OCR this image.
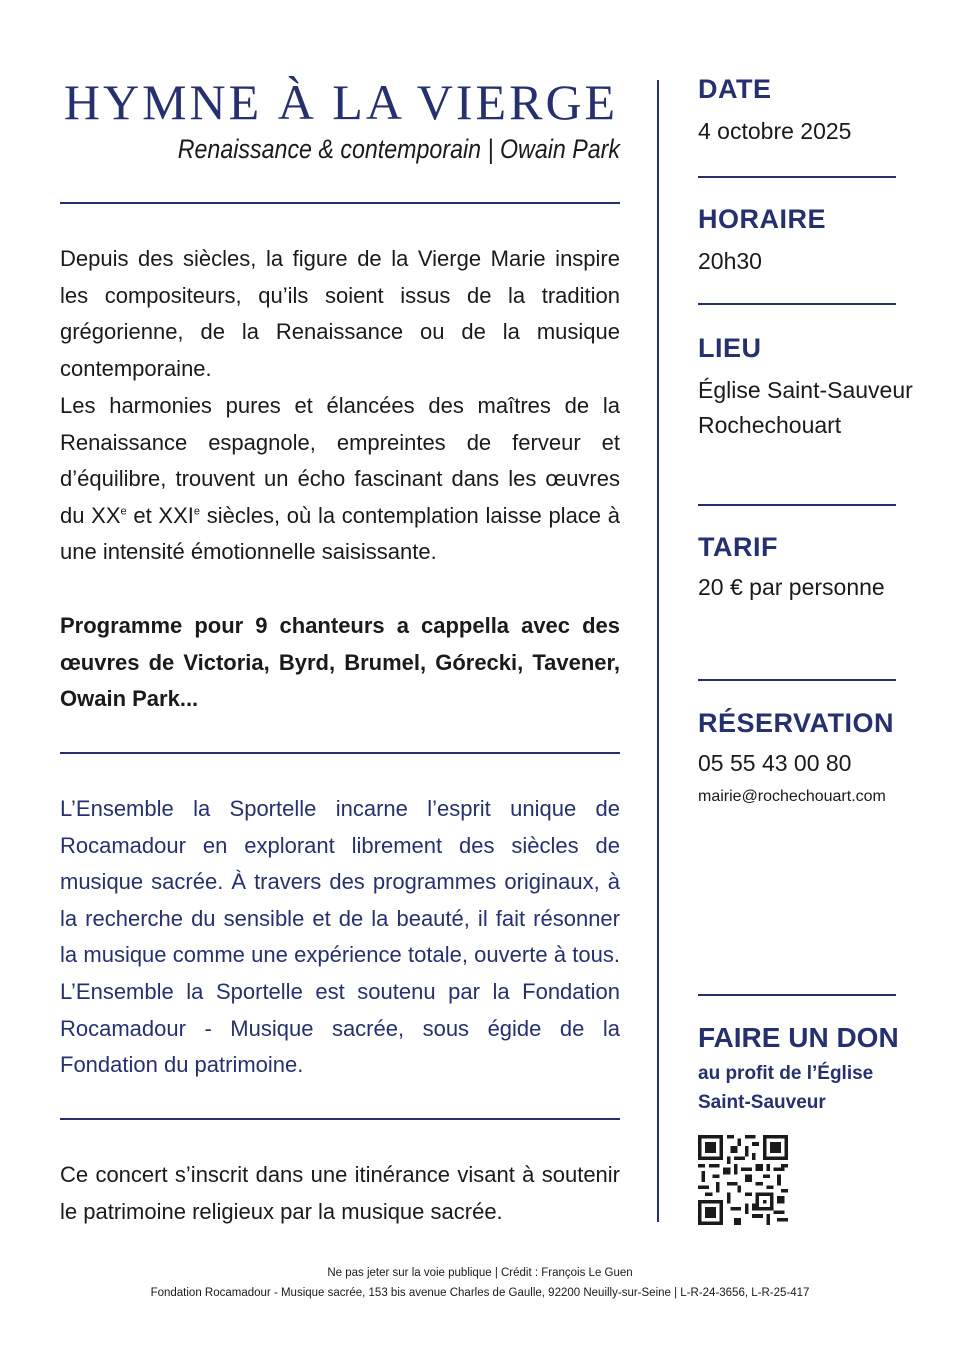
HYMNE À LA VIERGE
Renaissance & contemporain | Owain Park

Depuis des siècles, la figure de la Vierge Marie inspire les compositeurs, qu’ils soient issus de la tradition grégorienne, de la Renaissance ou de la musique contemporaine.

Les harmonies pures et élancées des maîtres de la Renaissance espagnole, empreintes de ferveur et d’équilibre, trouvent un écho fascinant dans les œuvres du XXe et XXIe siècles, où la contemplation laisse place à une intensité émotionnelle saisissante.

Programme pour 9 chanteurs a cappella avec des œuvres de Victoria, Byrd, Brumel, Górecki, Tavener, Owain Park...

L’Ensemble la Sportelle incarne l’esprit unique de Rocamadour en explorant librement des siècles de musique sacrée. À travers des programmes originaux, à la recherche du sensible et de la beauté, il fait résonner la musique comme une expérience totale, ouverte à tous. L’Ensemble la Sportelle est soutenu par la Fondation Rocamadour - Musique sacrée, sous égide de la Fondation du patrimoine.

Ce concert s’inscrit dans une itinérance visant à soutenir le patrimoine religieux par la musique sacrée.

DATE
4 octobre 2025
HORAIRE
20h30
LIEU
Église Saint-Sauveur
Rochechouart
TARIF
20 € par personne
RÉSERVATION
05 55 43 00 80
mairie@rochechouart.com
FAIRE UN DON
au profit de l’Église Saint-Sauveur
Ne pas jeter sur la voie publique | Crédit : François Le Guen
Fondation Rocamadour - Musique sacrée, 153 bis avenue Charles de Gaulle, 92200 Neuilly-sur-Seine | L-R-24-3656, L-R-25-417
